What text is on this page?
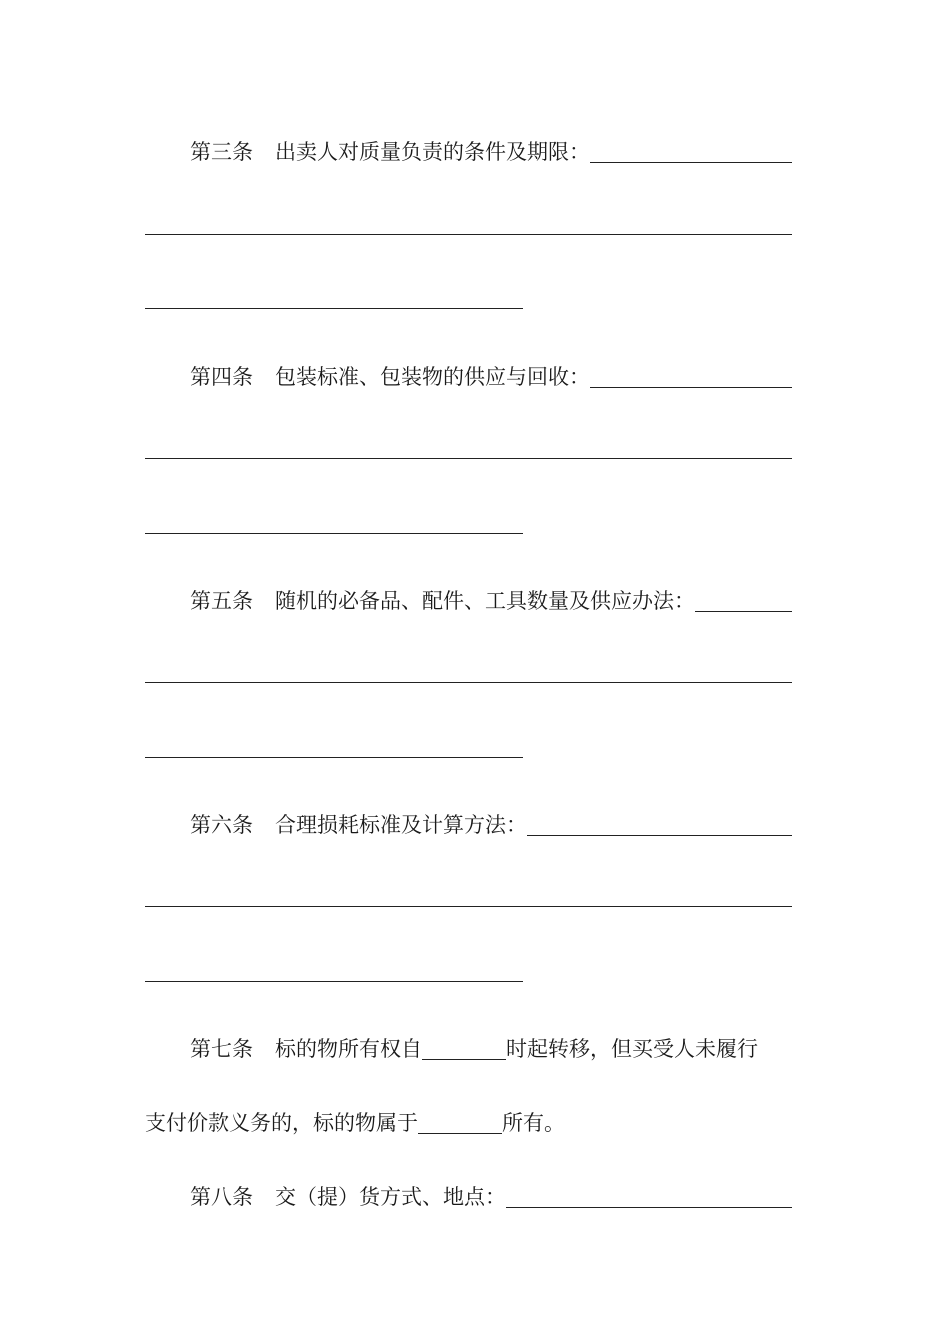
第三条 出卖人对质量负责的条件及期限：
第四条 包装标准、包装物的供应与回收：
第五条 随机的必备品、配件、工具数量及供应办法：
第六条 合理损耗标准及计算方法：
第七条 标的物所有权自	时起转移，但买受人未履行
支付价款义务的，标的物属于	所有。
第八条 交（提）货方式、地点：
